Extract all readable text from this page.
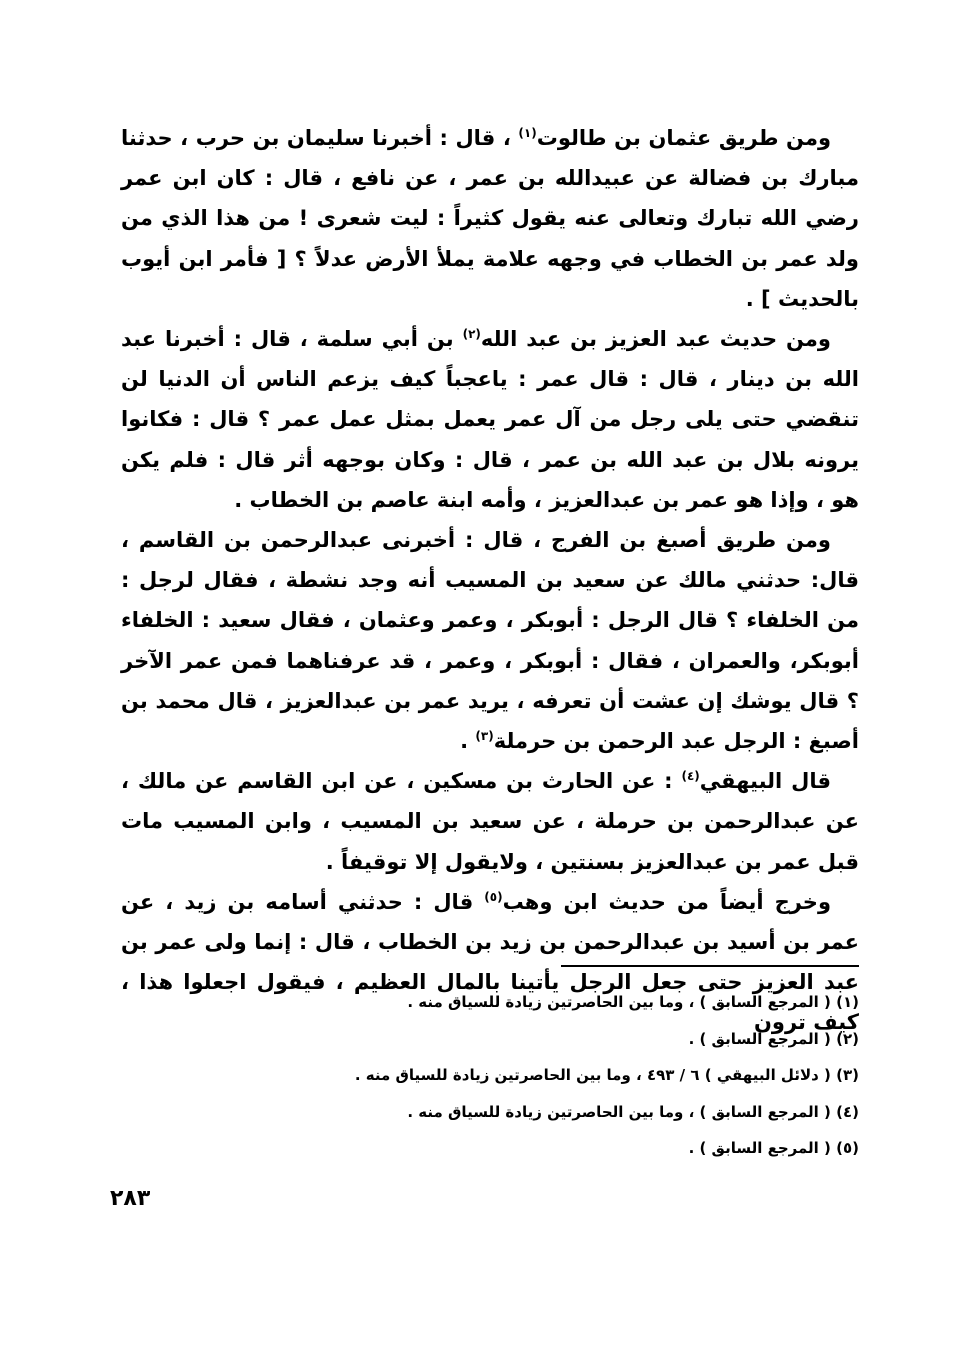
ومن طريق عثمان بن طالوت$^{(١)}$ ، قال : أخبرنا سليمان بن حرب ، حدثنا مبارك بن فضالة عن عبيدالله بن عمر ، عن نافع ، قال : كان ابن عمر رضي الله تبارك وتعالى عنه يقول كثيراً : ليت شعرى ! من هذا الذي من ولد عمر بن الخطاب في وجهه علامة يملأ الأرض عدلاً ؟ [ فأمر ابن أيوب بالحديث ] .

ومن حديث عبد العزيز بن عبد الله$^{(٢)}$ بن أبي سلمة ، قال : أخبرنا عبد الله بن دينار ، قال : قال عمر : ياعجباً كيف يزعم الناس أن الدنيا لن تنقضي حتى يلى رجل من آل عمر يعمل بمثل عمل عمر ؟ قال : فكانوا يرونه بلال بن عبد الله بن عمر ، قال : وكان بوجهه أثر قال : فلم يكن هو ، وإذا هو عمر بن عبدالعزيز ، وأمه ابنة عاصم بن الخطاب .

ومن طريق أصبغ بن الفرج ، قال : أخبرنى عبدالرحمن بن القاسم ، قال: حدثني مالك عن سعيد بن المسيب أنه وجد نشطة ، فقال لرجل : من الخلفاء ؟ قال الرجل : أبوبكر ، وعمر وعثمان ، فقال سعيد : الخلفاء أبوبكر، والعمران ، فقال : أبوبكر ، وعمر ، قد عرفناهما فمن عمر الآخر ؟ قال يوشك إن عشت أن تعرفه ، يريد عمر بن عبدالعزيز ، قال محمد بن أصبغ : الرجل عبد الرحمن بن حرملة$^{(٣)}$ .

قال البيهقي$^{(٤)}$ : عن الحارث بن مسكين ، عن ابن القاسم عن مالك ، عن عبدالرحمن بن حرملة ، عن سعيد بن المسيب ، وابن المسيب مات قبل عمر بن عبدالعزيز بسنتين ، ولايقول إلا توقيفاً .

وخرج أيضاً من حديث ابن وهب$^{(٥)}$ قال : حدثني أسامه بن زيد ، عن عمر بن أسيد بن عبدالرحمن بن زيد بن الخطاب ، قال : إنما ولى عمر بن عبد العزيز حتى جعل الرجل يأتينا بالمال العظيم ، فيقول اجعلوا هذا ، كيف ترون

(١) ( المرجع السابق ) ، وما بين الحاصرتين زيادة للسياق منه .

(٢) ( المرجع السابق ) .

(٣) ( دلائل البيهقي ) ٦ / ٤٩٣ ، وما بين الحاصرتين زيادة للسياق منه .

(٤) ( المرجع السابق ) ، وما بين الحاصرتين زيادة للسياق منه .

(٥) ( المرجع السابق ) .

٢٨٣
